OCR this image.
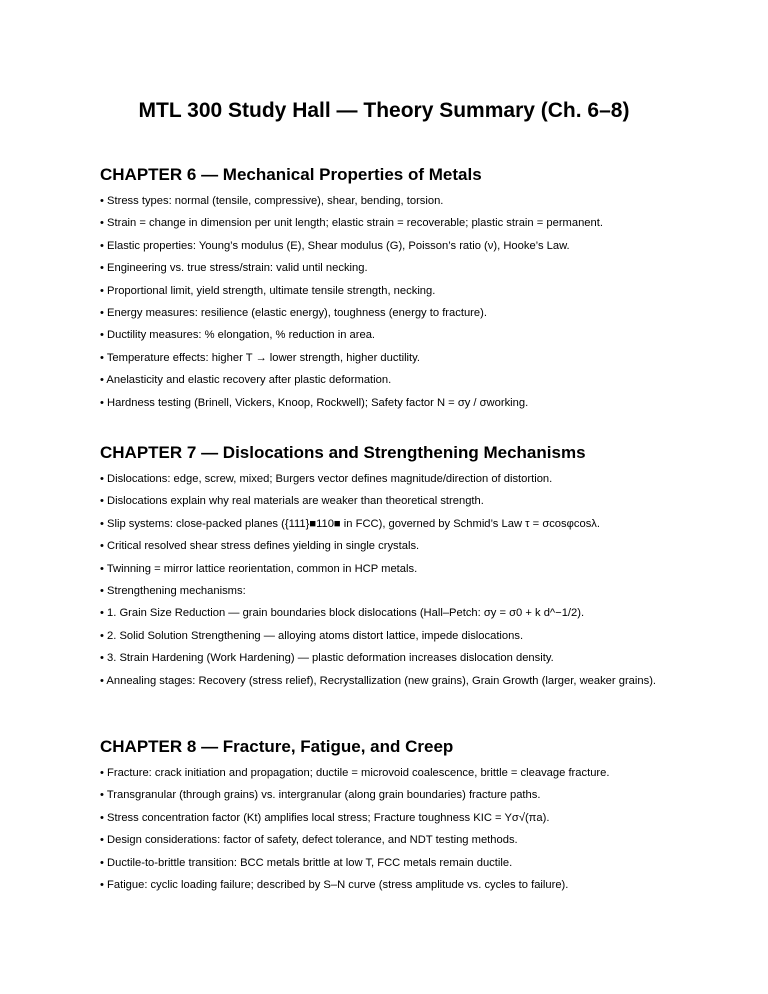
MTL 300 Study Hall — Theory Summary (Ch. 6–8)
CHAPTER 6 — Mechanical Properties of Metals
• Stress types: normal (tensile, compressive), shear, bending, torsion.
• Strain = change in dimension per unit length; elastic strain = recoverable; plastic strain = permanent.
• Elastic properties: Young’s modulus (E), Shear modulus (G), Poisson’s ratio (ν), Hooke’s Law.
• Engineering vs. true stress/strain: valid until necking.
• Proportional limit, yield strength, ultimate tensile strength, necking.
• Energy measures: resilience (elastic energy), toughness (energy to fracture).
• Ductility measures: % elongation, % reduction in area.
• Temperature effects: higher T → lower strength, higher ductility.
• Anelasticity and elastic recovery after plastic deformation.
• Hardness testing (Brinell, Vickers, Knoop, Rockwell); Safety factor N = σy / σworking.
CHAPTER 7 — Dislocations and Strengthening Mechanisms
• Dislocations: edge, screw, mixed; Burgers vector defines magnitude/direction of distortion.
• Dislocations explain why real materials are weaker than theoretical strength.
• Slip systems: close-packed planes ({111}■110■ in FCC), governed by Schmid’s Law τ = σcosφcosλ.
• Critical resolved shear stress defines yielding in single crystals.
• Twinning = mirror lattice reorientation, common in HCP metals.
• Strengthening mechanisms:
• 1. Grain Size Reduction — grain boundaries block dislocations (Hall–Petch: σy = σ0 + k d^−1/2).
• 2. Solid Solution Strengthening — alloying atoms distort lattice, impede dislocations.
• 3. Strain Hardening (Work Hardening) — plastic deformation increases dislocation density.
• Annealing stages: Recovery (stress relief), Recrystallization (new grains), Grain Growth (larger, weaker grains).
CHAPTER 8 — Fracture, Fatigue, and Creep
• Fracture: crack initiation and propagation; ductile = microvoid coalescence, brittle = cleavage fracture.
• Transgranular (through grains) vs. intergranular (along grain boundaries) fracture paths.
• Stress concentration factor (Kt) amplifies local stress; Fracture toughness KIC = Yσ√(πa).
• Design considerations: factor of safety, defect tolerance, and NDT testing methods.
• Ductile-to-brittle transition: BCC metals brittle at low T, FCC metals remain ductile.
• Fatigue: cyclic loading failure; described by S–N curve (stress amplitude vs. cycles to failure).
